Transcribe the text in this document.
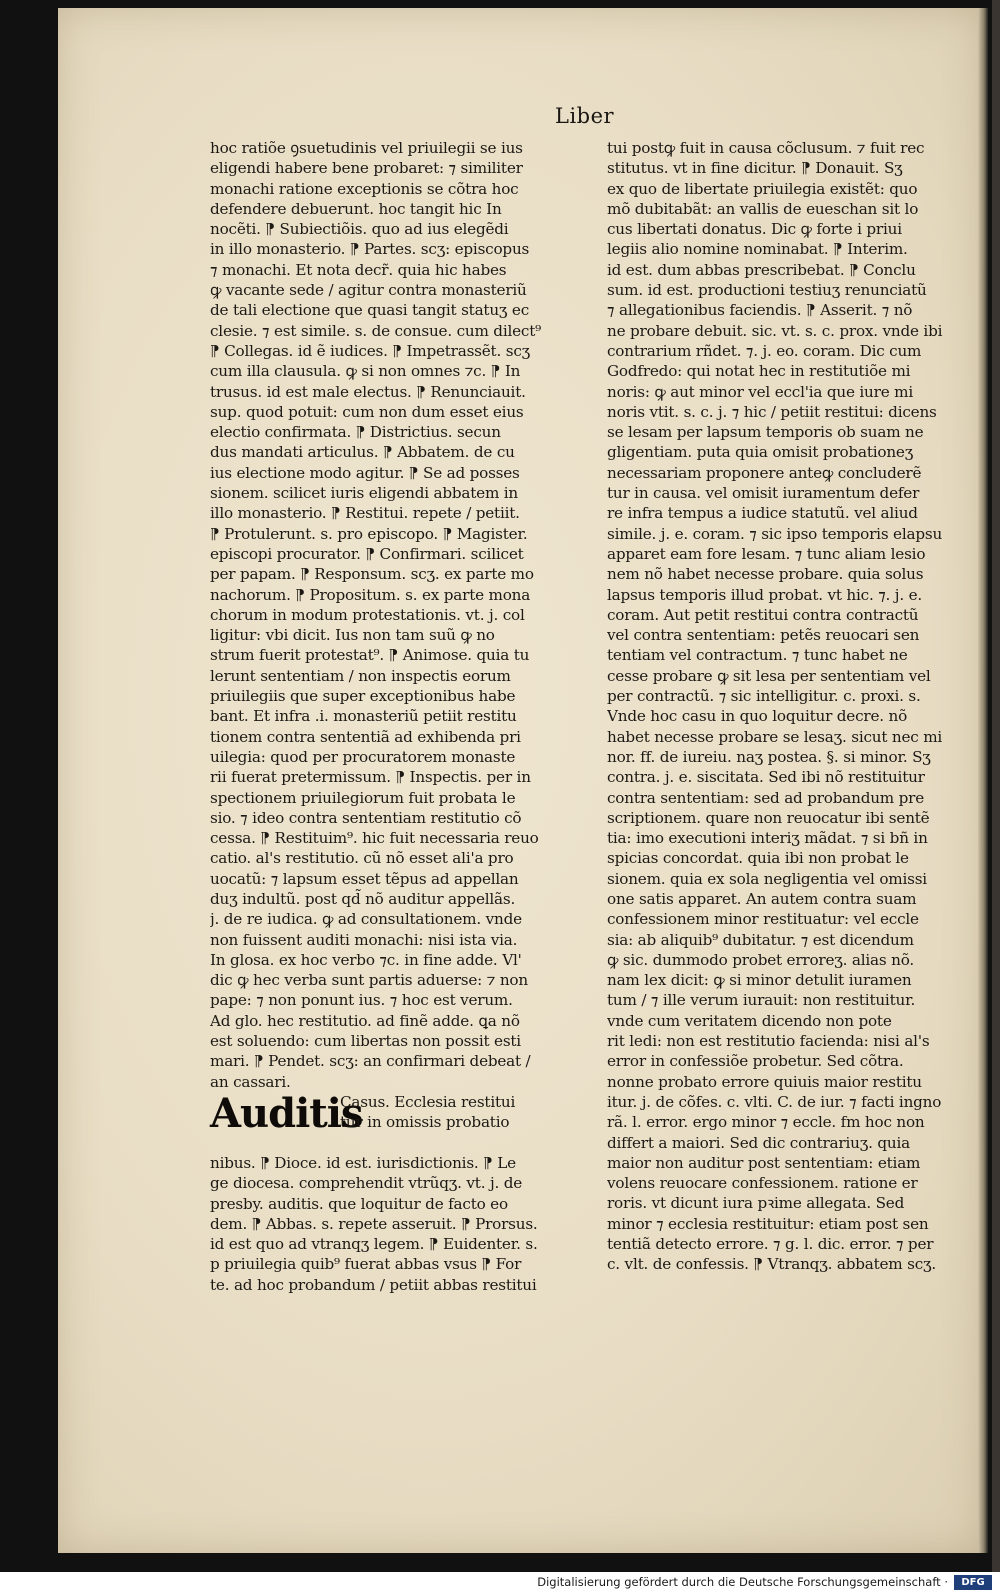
Liber
hoc ratiõe ꝯsuetudinis vel priuilegii se ius
eligendi habere bene probaret: ⁊ similiter
monachi ratione exceptionis se cõtra hoc
defendere debuerunt. hoc tangit hic In
nocẽti. ⁋ Subiectiõis. quo ad ius elegẽdi
in illo monasterio. ⁋ Partes. scʒ: episcopus
⁊ monachi. Et nota decr̃. quia hic habes
ꝙ vacante sede / agitur contra monasteriũ
de tali electione que quasi tangit statuʒ ec
clesie. ⁊ est simile. s. de consue. cum dilect⁹
⁋ Collegas. id ẽ iudices. ⁋ Impetrassẽt. scʒ
cum illa clausula. ꝙ si non omnes ⁊c. ⁋ In
trusus. id est male electus. ⁋ Renunciauit.
sup. quod potuit: cum non dum esset eius
electio confirmata. ⁋ Districtius. secun
dus mandati articulus. ⁋ Abbatem. de cu
ius electione modo agitur. ⁋ Se ad posses
sionem. scilicet iuris eligendi abbatem in
illo monasterio. ⁋ Restitui. repete / petiit.
⁋ Protulerunt. s. pro episcopo. ⁋ Magister.
episcopi procurator. ⁋ Confirmari. scilicet
per papam. ⁋ Responsum. scʒ. ex parte mo
nachorum. ⁋ Propositum. s. ex parte mona
chorum in modum protestationis. vt. j. col
ligitur: vbi dicit. Ius non tam suũ ꝙ no
strum fuerit protestat⁹. ⁋ Animose. quia tu
lerunt sententiam / non inspectis eorum
priuilegiis que super exceptionibus habe
bant. Et infra .i. monasteriũ petiit restitu
tionem contra sententiã ad exhibenda pri
uilegia: quod per procuratorem monaste
rii fuerat pretermissum. ⁋ Inspectis. per in
spectionem priuilegiorum fuit probata le
sio. ⁊ ideo contra sententiam restitutio cõ
cessa. ⁋ Restituim⁹. hic fuit necessaria reuo
catio. al's restitutio. cũ nõ esset ali'a pro
uocatũ: ⁊ lapsum esset tẽpus ad appellan
duʒ indultũ. post qd̃ nõ auditur appellãs.
j. de re iudica. ꝙ ad consultationem. vnde
non fuissent auditi monachi: nisi ista via.
In glosa. ex hoc verbo ⁊c. in fine adde. Vl'
dic ꝙ hec verba sunt partis aduerse: ⁊ non
pape: ⁊ non ponunt ius. ⁊ hoc est verum.
Ad glo. hec restitutio. ad finẽ adde. ꝗa nõ
est soluendo: cum libertas non possit esti
mari. ⁋ Pendet. scʒ: an confirmari debeat /
an cassari.
Auditis
Casus. Ecclesia restitui
tur in omissis probatio
nibus. ⁋ Dioce. id est. iurisdictionis. ⁋ Le
ge diocesa. comprehendit vtrũqʒ. vt. j. de
presby. auditis. que loquitur de facto eo
dem. ⁋ Abbas. s. repete asseruit. ⁋ Prorsus.
id est quo ad vtranqʒ legem. ⁋ Euidenter. s.
p priuilegia quib⁹ fuerat abbas vsus ⁋ For
te. ad hoc probandum / petiit abbas restitui
tui postꝙ fuit in causa cõclusum. ⁊ fuit rec
stitutus. vt in fine dicitur. ⁋ Donauit. Sʒ
ex quo de libertate priuilegia existẽt: quo
mõ dubitabãt: an vallis de eueschan sit lo
cus libertati donatus. Dic ꝙ forte i priui
legiis alio nomine nominabat. ⁋ Interim.
id est. dum abbas prescribebat. ⁋ Conclu
sum. id est. productioni testiuʒ renunciatũ
⁊ allegationibus faciendis. ⁋ Asserit. ⁊ nõ
ne probare debuit. sic. vt. s. c. prox. vnde ibi
contrarium rñdet. ⁊. j. eo. coram. Dic cum
Godfredo: qui notat hec in restitutiõe mi
noris: ꝙ aut minor vel eccl'ia que iure mi
noris vtit. s. c. j. ⁊ hic / petiit restitui: dicens
se lesam per lapsum temporis ob suam ne
gligentiam. puta quia omisit probationeʒ
necessariam proponere anteꝙ concluderẽ
tur in causa. vel omisit iuramentum defer
re infra tempus a iudice statutũ. vel aliud
simile. j. e. coram. ⁊ sic ipso temporis elapsu
apparet eam fore lesam. ⁊ tunc aliam lesio
nem nõ habet necesse probare. quia solus
lapsus temporis illud probat. vt hic. ⁊. j. e.
coram. Aut petit restitui contra contractũ
vel contra sententiam: petẽs reuocari sen
tentiam vel contractum. ⁊ tunc habet ne
cesse probare ꝙ sit lesa per sententiam vel
per contractũ. ⁊ sic intelligitur. c. proxi. s.
Vnde hoc casu in quo loquitur decre. nõ
habet necesse probare se lesaʒ. sicut nec mi
nor. ff. de iureiu. naʒ postea. §. si minor. Sʒ
contra. j. e. siscitata. Sed ibi nõ restituitur
contra sententiam: sed ad probandum pre
scriptionem. quare non reuocatur ibi sentẽ
tia: imo executioni interiʒ mãdat. ⁊ si bñ in
spicias concordat. quia ibi non probat le
sionem. quia ex sola negligentia vel omissi
one satis apparet. An autem contra suam
confessionem minor restituatur: vel eccle
sia: ab aliquib⁹ dubitatur. ⁊ est dicendum
ꝙ sic. dummodo probet erroreʒ. alias nõ.
nam lex dicit: ꝙ si minor detulit iuramen
tum / ⁊ ille verum iurauit: non restituitur.
vnde cum veritatem dicendo non pote
rit ledi: non est restitutio facienda: nisi al's
error in confessiõe probetur. Sed cõtra.
nonne probato errore quiuis maior restitu
itur. j. de cõfes. c. vlti. C. de iur. ⁊ facti ingno
rã. l. error. ergo minor ⁊ eccle. fm hoc non
differt a maiori. Sed dic contrariuʒ. quia
maior non auditur post sententiam: etiam
volens reuocare confessionem. ratione er
roris. vt dicunt iura pꝛime allegata. Sed
minor ⁊ ecclesia restituitur: etiam post sen
tentiã detecto errore. ⁊ g. l. dic. error. ⁊ per
c. vlt. de confessis. ⁋ Vtranqʒ. abbatem scʒ.
Digitalisierung gefördert durch die Deutsche Forschungsgemeinschaft ·	DFG
